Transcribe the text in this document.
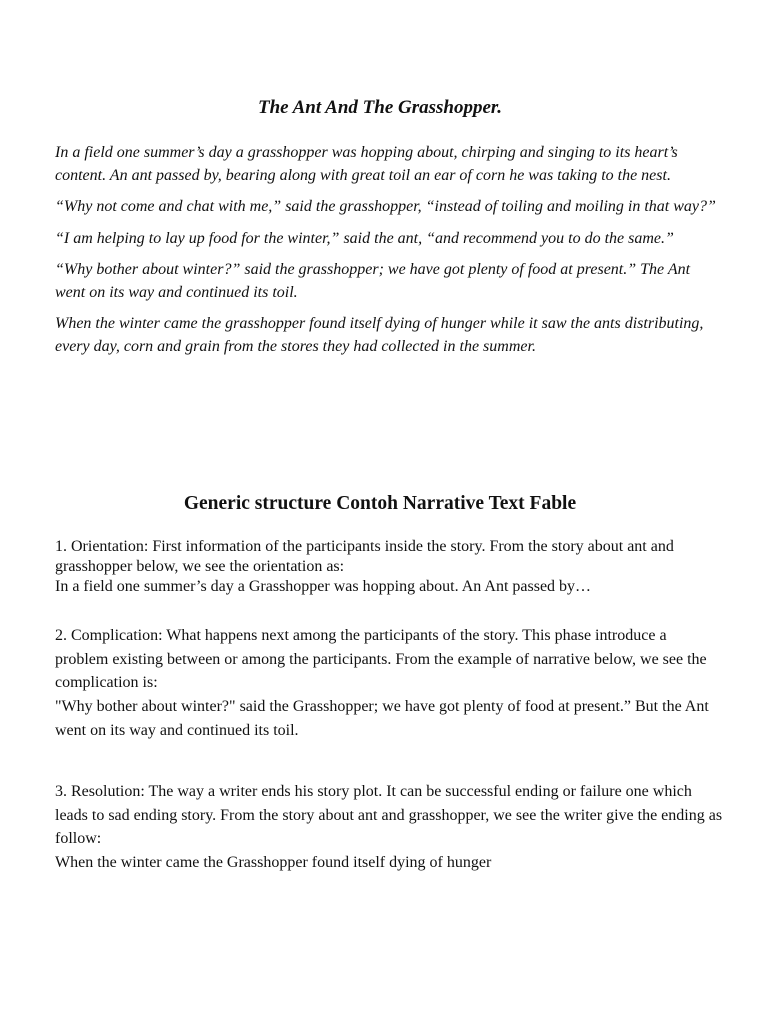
The Ant And The Grasshopper.

In a field one summer’s day a grasshopper was hopping about, chirping and singing to its heart’s content. An ant passed by, bearing along with great toil an ear of corn he was taking to the nest.

“Why not come and chat with me,” said the grasshopper, “instead of toiling and moiling in that way?”

“I am helping to lay up food for the winter,” said the ant, “and recommend you to do the same.”

“Why bother about winter?” said the grasshopper; we have got plenty of food at present.” The Ant went on its way and continued its toil.

When the winter came the grasshopper found itself dying of hunger while it saw the ants distributing, every day, corn and grain from the stores they had collected in the summer.

Generic structure Contoh Narrative Text Fable

1. Orientation: First information of the participants inside the story. From the story about ant and grasshopper below, we see the orientation as:

In a field one summer’s day a Grasshopper was hopping about. An Ant passed by…

2. Complication: What happens next among the participants of the story. This phase introduce a problem existing between or among the participants. From the example of narrative below, we see the complication is:

"Why bother about winter?" said the Grasshopper; we have got plenty of food at present.” But the Ant went on its way and continued its toil.

3. Resolution: The way a writer ends his story plot. It can be successful ending or failure one which leads to sad ending story. From the story about ant and grasshopper, we see the writer give the ending as follow:

When the winter came the Grasshopper found itself dying of hunger
